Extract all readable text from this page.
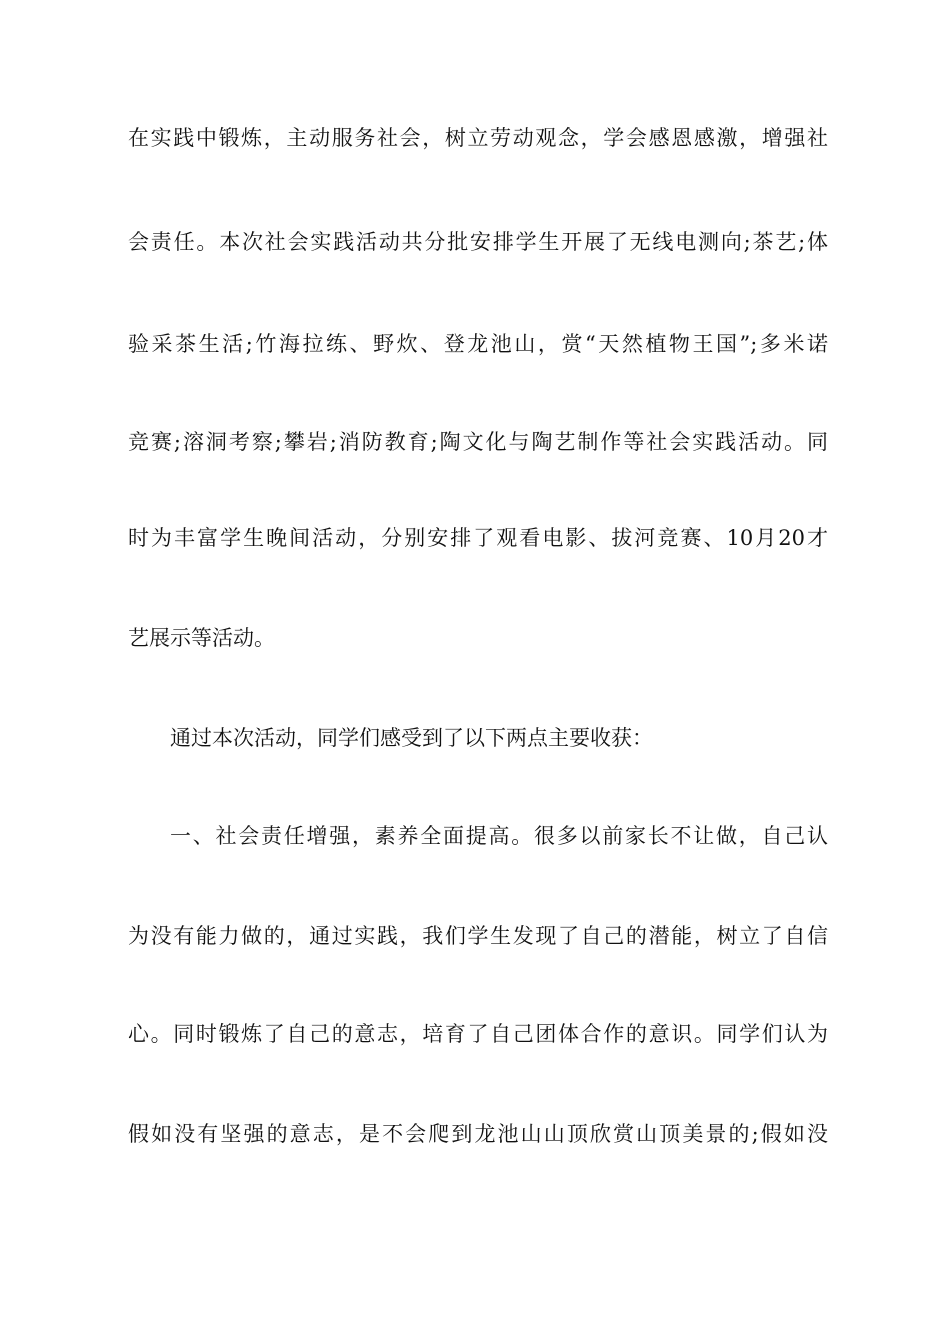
在实践中锻炼，主动服务社会，树立劳动观念，学会感恩感激，增强社
会责任。本次社会实践活动共分批安排学生开展了无线电测向;茶艺;体
验采茶生活;竹海拉练、野炊、登龙池山，赏“天然植物王国”;多米诺
竞赛;溶洞考察;攀岩;消防教育;陶文化与陶艺制作等社会实践活动。同
时为丰富学生晚间活动，分别安排了观看电影、拔河竞赛、10月20才
艺展示等活动。
通过本次活动，同学们感受到了以下两点主要收获：
一、社会责任增强，素养全面提高。很多以前家长不让做，自己认
为没有能力做的，通过实践，我们学生发现了自己的潜能，树立了自信
心。同时锻炼了自己的意志，培育了自己团体合作的意识。同学们认为
假如没有坚强的意志，是不会爬到龙池山山顶欣赏山顶美景的;假如没
